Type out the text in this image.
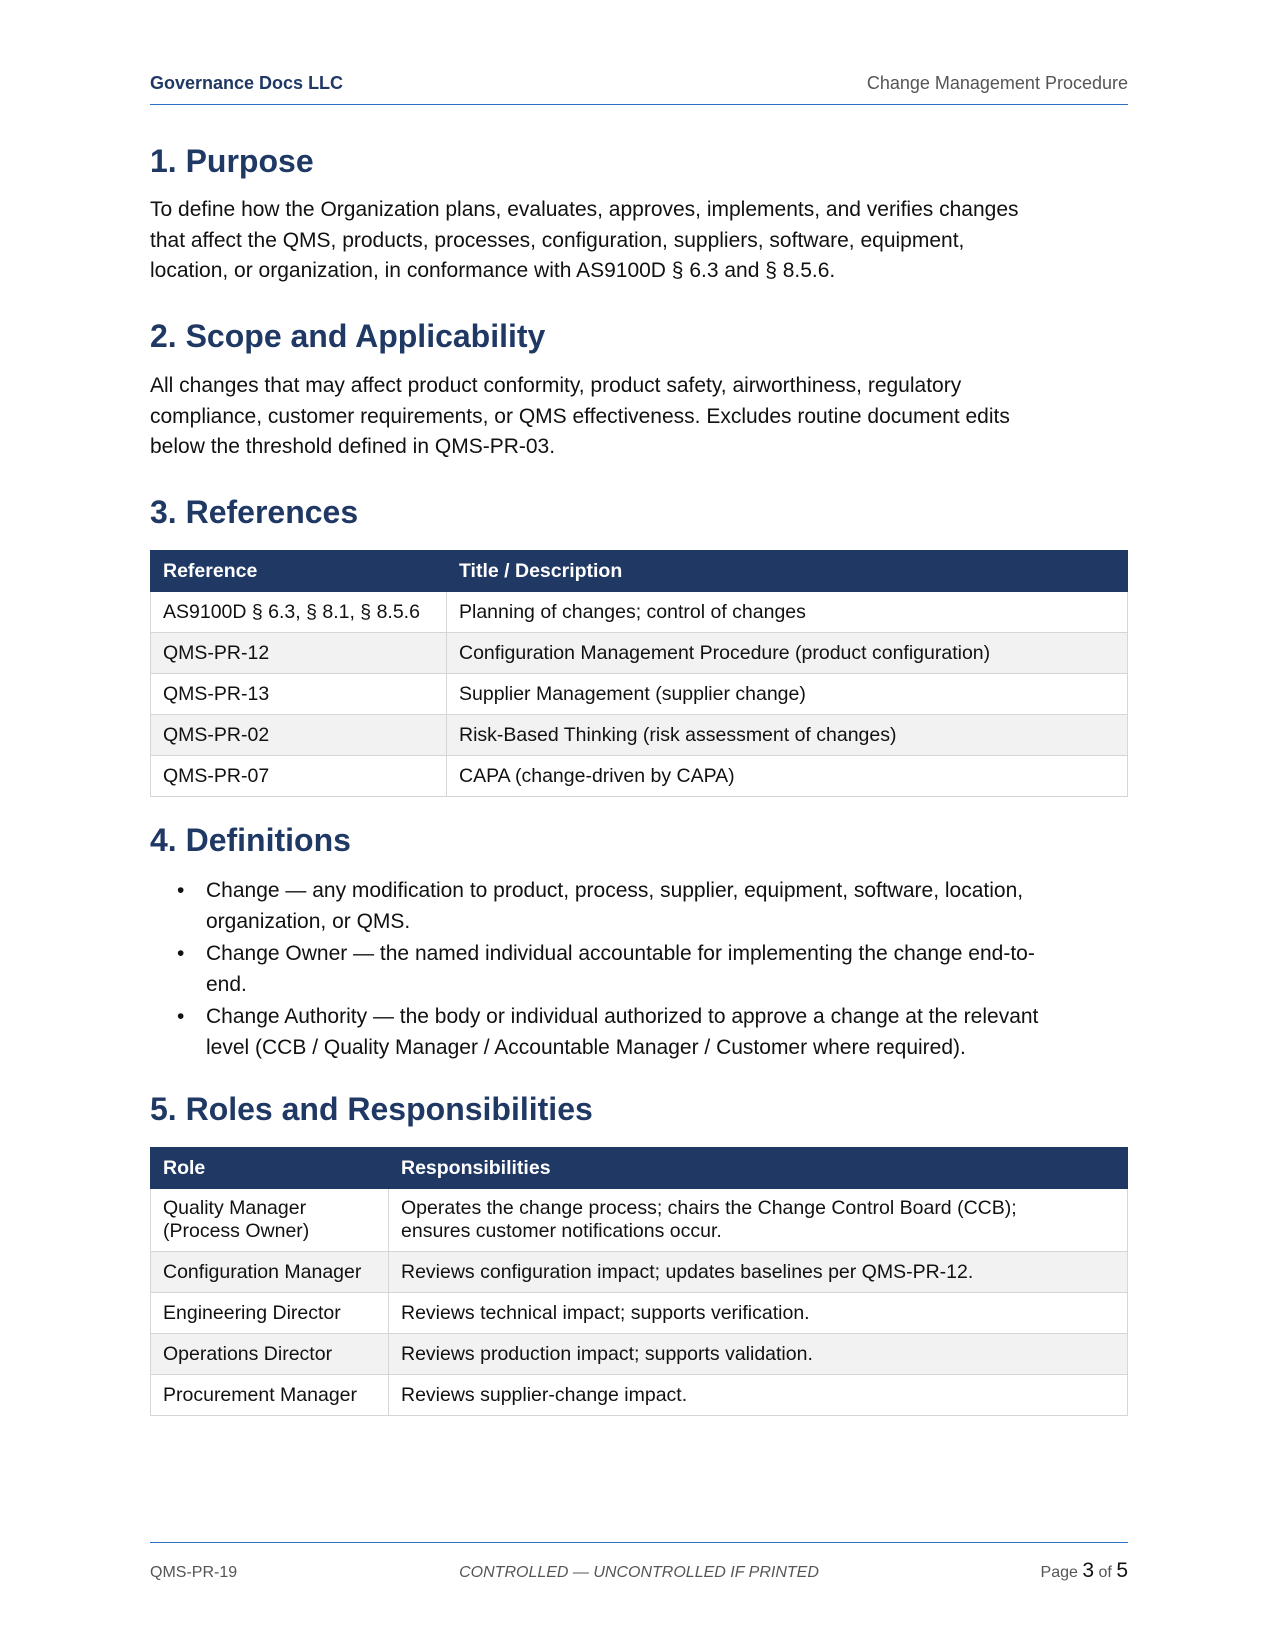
Governance Docs LLC	Change Management Procedure
1. Purpose

To define how the Organization plans, evaluates, approves, implements, and verifies changes
that affect the QMS, products, processes, configuration, suppliers, software, equipment,
location, or organization, in conformance with AS9100D § 6.3 and § 8.5.6.

2. Scope and Applicability

All changes that may affect product conformity, product safety, airworthiness, regulatory
compliance, customer requirements, or QMS effectiveness. Excludes routine document edits
below the threshold defined in QMS-PR-03.

3. References
Reference	Title / Description
AS9100D § 6.3, § 8.1, § 8.5.6	Planning of changes; control of changes
QMS-PR-12	Configuration Management Procedure (product configuration)
QMS-PR-13	Supplier Management (supplier change)
QMS-PR-02	Risk-Based Thinking (risk assessment of changes)
QMS-PR-07	CAPA (change-driven by CAPA)
4. Definitions
• Change — any modification to product, process, supplier, equipment, software, location,
organization, or QMS.
• Change Owner — the named individual accountable for implementing the change end-to-
end.
• Change Authority — the body or individual authorized to approve a change at the relevant
level (CCB / Quality Manager / Accountable Manager / Customer where required).
5. Roles and Responsibilities
Role	Responsibilities
Quality Manager
(Process Owner)	Operates the change process; chairs the Change Control Board (CCB);
ensures customer notifications occur.
Configuration Manager	Reviews configuration impact; updates baselines per QMS-PR-12.
Engineering Director	Reviews technical impact; supports verification.
Operations Director	Reviews production impact; supports validation.
Procurement Manager	Reviews supplier-change impact.
QMS-PR-19	CONTROLLED — UNCONTROLLED IF PRINTED	Page 3 of 5
